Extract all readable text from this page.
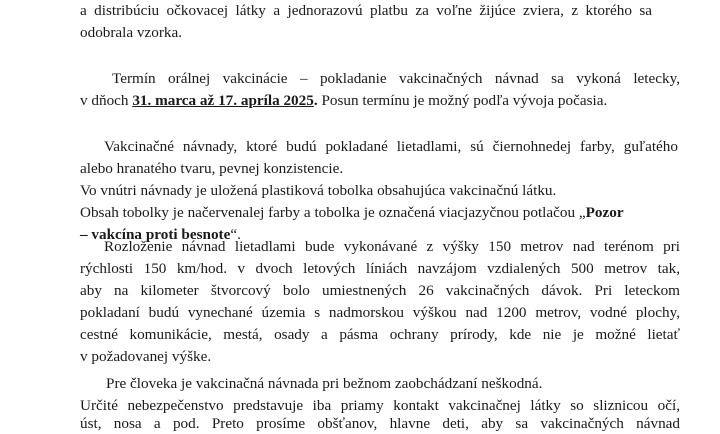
a distribúciu očkovacej látky a jednorazovú platbu za voľne žijúce zviera, z ktorého sa
odobrala vzorka.
Termín orálnej vakcinácie – pokladanie vakcinačných návnad sa vykoná letecky,
v dňoch 31. marca až 17. apríla 2025. Posun termínu je možný podľa vývoja počasia.
Vakcinačné návnady, ktoré budú pokladané lietadlami, sú čiernohnedej farby, guľatého
alebo hranatého tvaru, pevnej konzistencie.
Vo vnútri návnady je uložená plastiková tobolka obsahujúca vakcinačnú látku.
Obsah tobolky je načervenalej farby a tobolka je označená viacjazyčnou potlačou „Pozor
– vakcína proti besnote“.
Rozloženie návnad lietadlami bude vykonávané z výšky 150 metrov nad terénom pri
rýchlosti 150 km/hod. v dvoch letových líniách navzájom vzdialených 500 metrov tak,
aby na kilometer štvorcový bolo umiestnených 26 vakcinačných dávok. Pri leteckom
pokladaní budú vynechané územia s nadmorskou výškou nad 1200 metrov, vodné plochy,
cestné komunikácie, mestá, osady a pásma ochrany prírody, kde nie je možné lietať
v požadovanej výške.
Pre človeka je vakcinačná návnada pri bežnom zaobchádzaní neškodná.
Určité nebezpečenstvo predstavuje iba priamy kontakt vakcinačnej látky so sliznicou očí,
úst, nosa a pod. Preto prosíme obšťanov, hlavne deti, aby sa vakcinačných návnad
